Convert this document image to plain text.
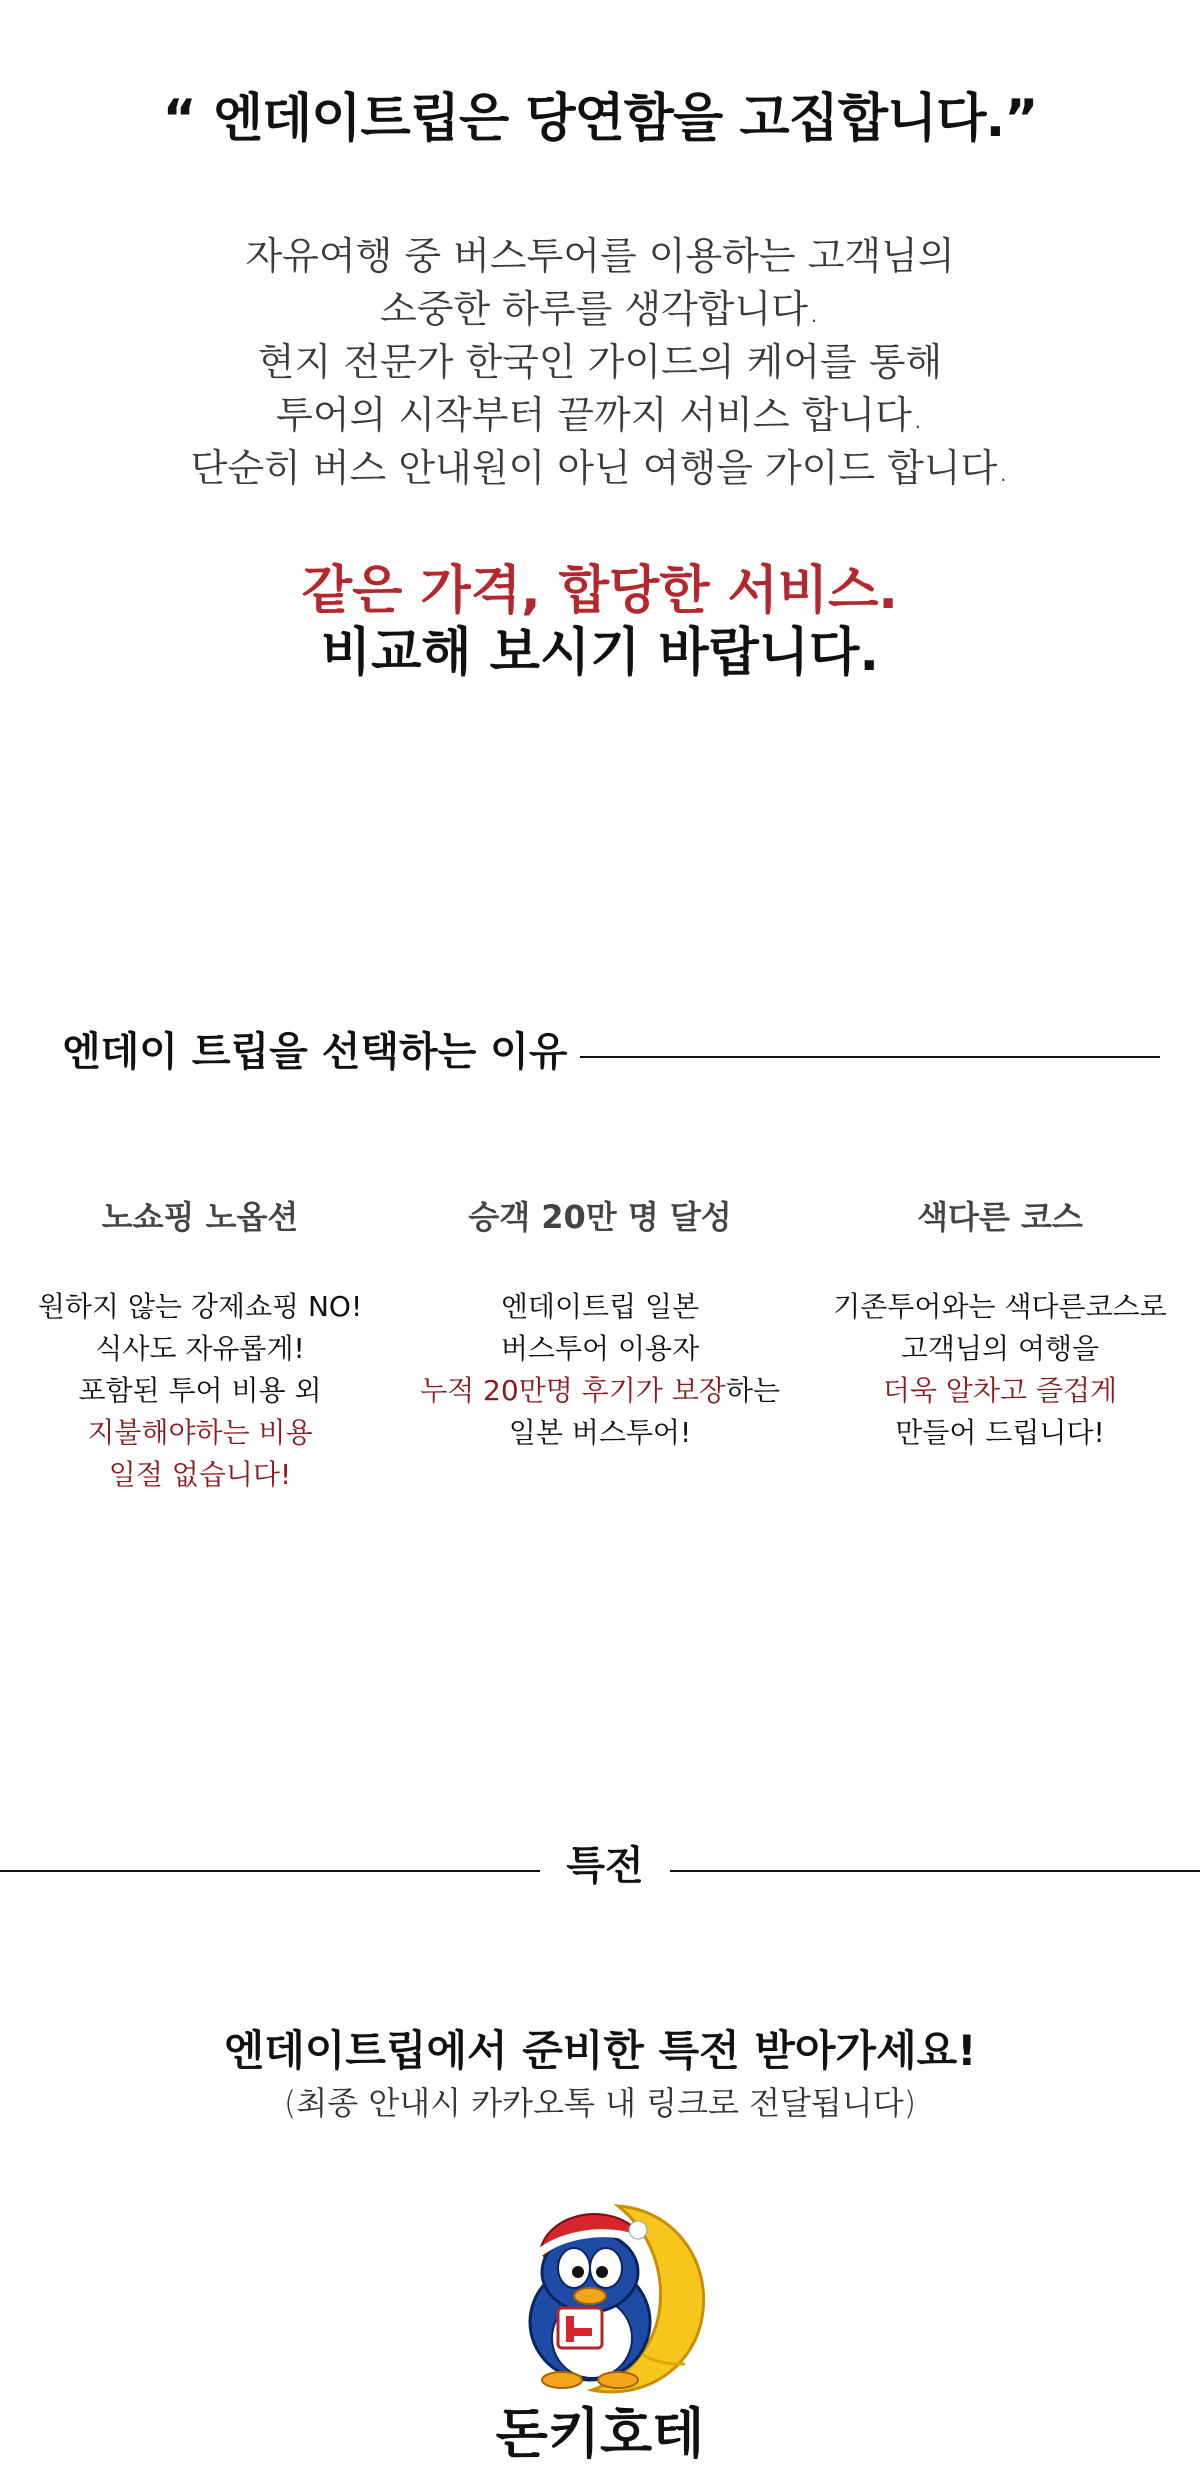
“ 엔데이트립은 당연함을 고집합니다.”
자유여행 중 버스투어를 이용하는 고객님의
소중한 하루를 생각합니다.
현지 전문가 한국인 가이드의 케어를 통해
투어의 시작부터 끝까지 서비스 합니다.
단순히 버스 안내원이 아닌 여행을 가이드 합니다.
같은 가격, 합당한 서비스.
비교해 보시기 바랍니다.
엔데이 트립을 선택하는 이유
노쇼핑 노옵션
원하지 않는 강제쇼핑 NO!
식사도 자유롭게!
포함된 투어 비용 외
지불해야하는 비용
일절 없습니다!
승객 20만 명 달성
엔데이트립 일본
버스투어 이용자
누적 20만명 후기가 보장하는
일본 버스투어!
색다른 코스
기존투어와는 색다른코스로
고객님의 여행을
더욱 알차고 즐겁게
만들어 드립니다!
특전
엔데이트립에서 준비한 특전 받아가세요!
(최종 안내시 카카오톡 내 링크로 전달됩니다)
돈키호테
